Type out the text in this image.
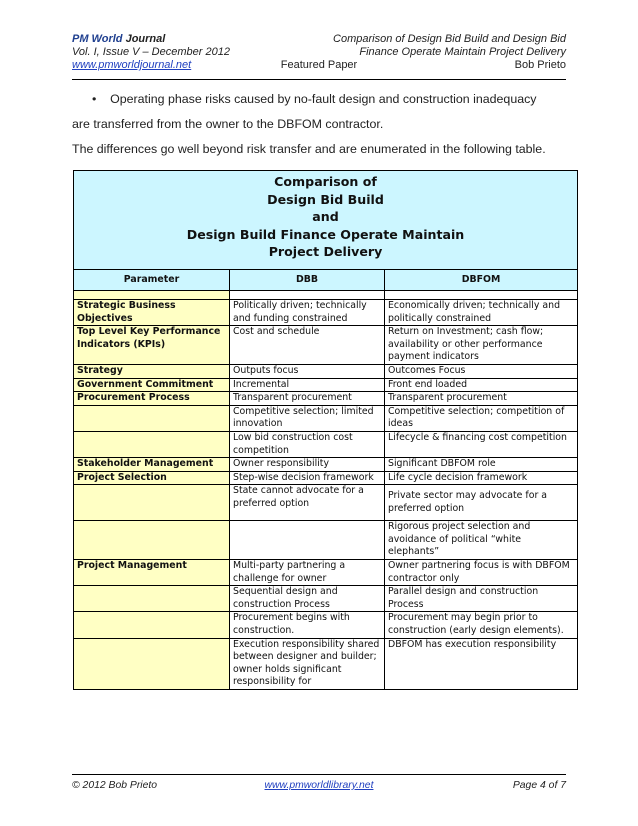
PM World Journal
Vol. I, Issue V – December 2012
www.pmworldjournal.net
Comparison of Design Bid Build and Design Bid
Finance Operate Maintain Project Delivery
Bob Prieto
Featured Paper
• Operating phase risks caused by no-fault design and construction inadequacy
are transferred from the owner to the DBFOM contractor.
The differences go well beyond risk transfer and are enumerated in the following table.
Comparison of
Design Bid Build
and
Design Build Finance Operate Maintain
Project Delivery		

Parameter	DBB	DBFOM

Strategic Business Objectives	Politically driven; technically and funding constrained	Economically driven; technically and politically constrained
Top Level Key Performance Indicators (KPIs)	Cost and schedule	Return on Investment; cash flow; availability or other performance payment indicators
Strategy	Outputs focus	Outcomes Focus
Government Commitment	Incremental	Front end loaded
Procurement Process	Transparent procurement	Transparent procurement
	Competitive selection; limited innovation	Competitive selection; competition of ideas
	Low bid construction cost competition	Lifecycle & financing cost competition
Stakeholder Management	Owner responsibility	Significant DBFOM role
Project Selection	Step-wise decision framework	Life cycle decision framework
	State cannot advocate for a preferred option	Private sector may advocate for a preferred option
		Rigorous project selection and avoidance of political “white elephants”
Project Management	Multi-party partnering a challenge for owner	Owner partnering focus is with DBFOM contractor only
	Sequential design and construction Process	Parallel design and construction Process
	Procurement begins with construction.	Procurement may begin prior to construction (early design elements).
	Execution responsibility shared between designer and builder; owner holds significant responsibility for	DBFOM has execution responsibility
© 2012 Bob Prieto	www.pmworldlibrary.net	Page 4 of 7
